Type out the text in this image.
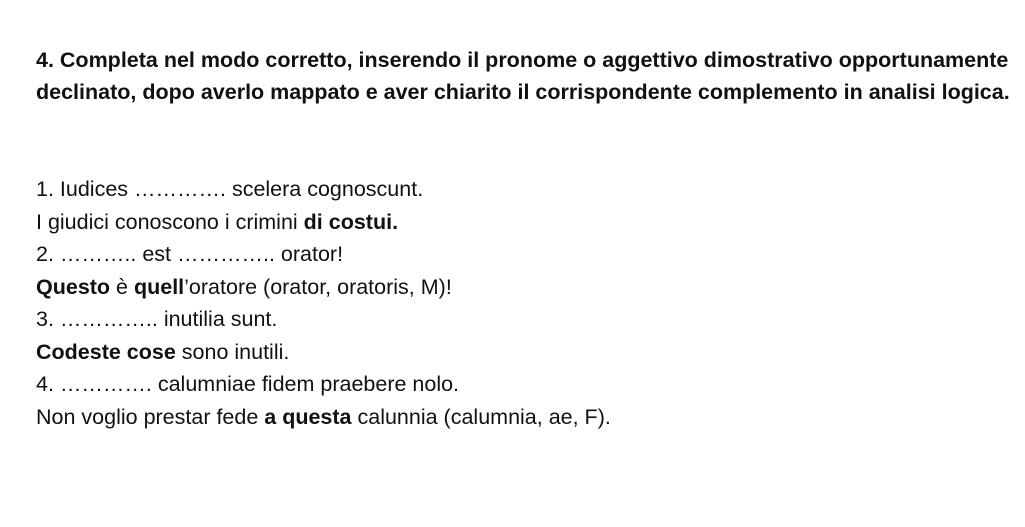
4. Completa nel modo corretto, inserendo il pronome o aggettivo dimostrativo opportunamente declinato, dopo averlo mappato e aver chiarito il corrispondente complemento in analisi logica.
1. Iudices …………. scelera cognoscunt.
I giudici conoscono i crimini di costui.
2. ……….. est ………….. orator!
Questo è quell’oratore (orator, oratoris, M)!
3. ………….. inutilia sunt.
Codeste cose sono inutili.
4. …………. calumniae fidem praebere nolo.
Non voglio prestar fede a questa calunnia (calumnia, ae, F).
